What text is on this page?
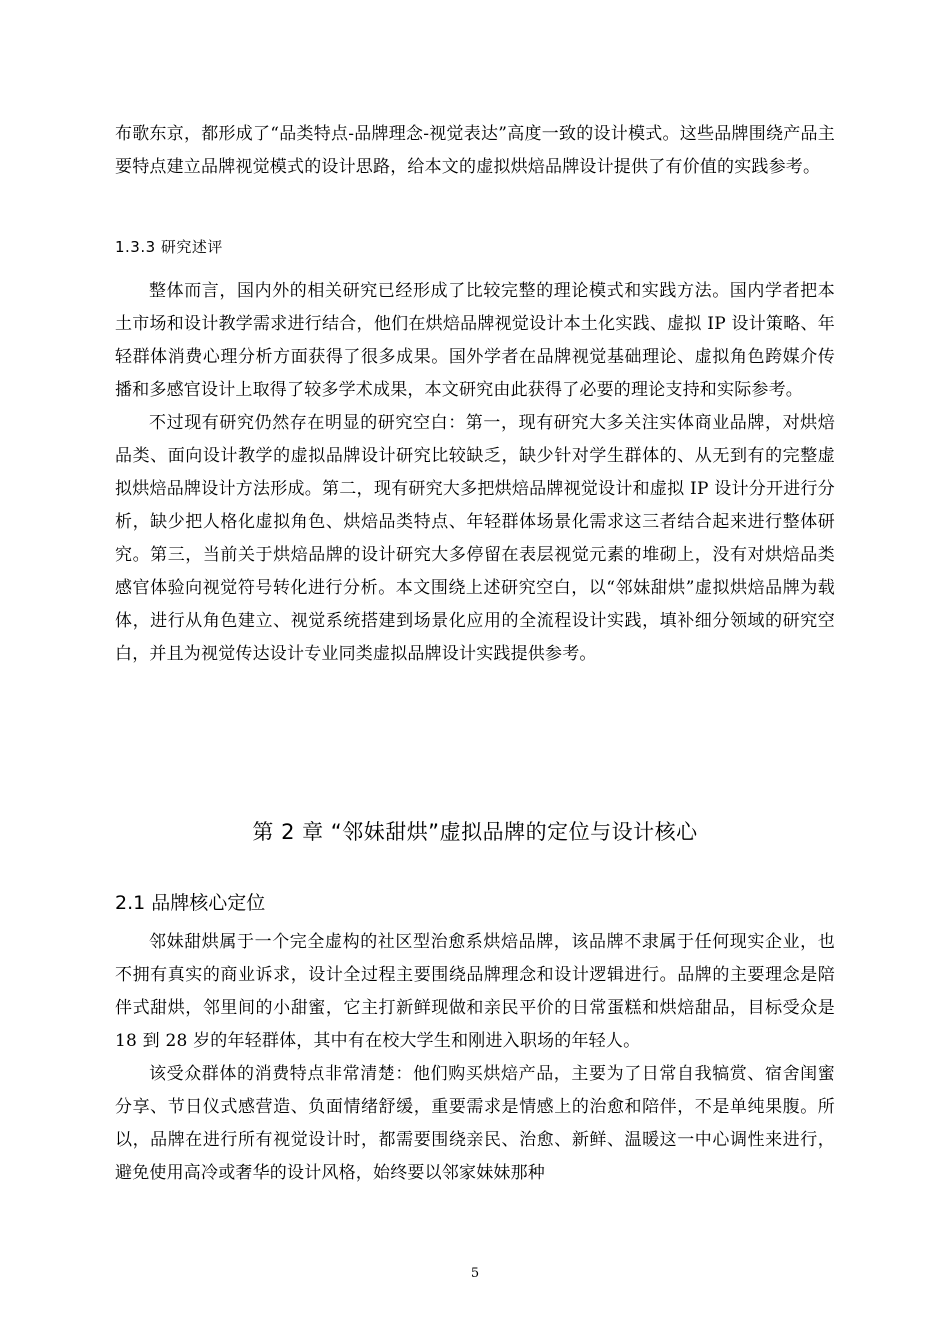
布歌东京，都形成了“品类特点-品牌理念-视觉表达”高度一致的设计模式。这些品牌围绕产品主要特点建立品牌视觉模式的设计思路，给本文的虚拟烘焙品牌设计提供了有价值的实践参考。

1.3.3 研究述评

整体而言，国内外的相关研究已经形成了比较完整的理论模式和实践方法。国内学者把本土市场和设计教学需求进行结合，他们在烘焙品牌视觉设计本土化实践、虚拟 IP 设计策略、年轻群体消费心理分析方面获得了很多成果。国外学者在品牌视觉基础理论、虚拟角色跨媒介传播和多感官设计上取得了较多学术成果，本文研究由此获得了必要的理论支持和实际参考。

不过现有研究仍然存在明显的研究空白：第一，现有研究大多关注实体商业品牌，对烘焙品类、面向设计教学的虚拟品牌设计研究比较缺乏，缺少针对学生群体的、从无到有的完整虚拟烘焙品牌设计方法形成。第二，现有研究大多把烘焙品牌视觉设计和虚拟 IP 设计分开进行分析，缺少把人格化虚拟角色、烘焙品类特点、年轻群体场景化需求这三者结合起来进行整体研究。第三，当前关于烘焙品牌的设计研究大多停留在表层视觉元素的堆砌上，没有对烘焙品类感官体验向视觉符号转化进行分析。本文围绕上述研究空白，以“邻妹甜烘”虚拟烘焙品牌为载体，进行从角色建立、视觉系统搭建到场景化应用的全流程设计实践，填补细分领域的研究空白，并且为视觉传达设计专业同类虚拟品牌设计实践提供参考。

第 2 章 “邻妹甜烘”虚拟品牌的定位与设计核心
2.1 品牌核心定位

邻妹甜烘属于一个完全虚构的社区型治愈系烘焙品牌，该品牌不隶属于任何现实企业，也不拥有真实的商业诉求，设计全过程主要围绕品牌理念和设计逻辑进行。品牌的主要理念是陪伴式甜烘，邻里间的小甜蜜，它主打新鲜现做和亲民平价的日常蛋糕和烘焙甜品，目标受众是 18 到 28 岁的年轻群体，其中有在校大学生和刚进入职场的年轻人。

该受众群体的消费特点非常清楚：他们购买烘焙产品，主要为了日常自我犒赏、宿舍闺蜜分享、节日仪式感营造、负面情绪舒缓，重要需求是情感上的治愈和陪伴，不是单纯果腹。所以，品牌在进行所有视觉设计时，都需要围绕亲民、治愈、新鲜、温暖这一中心调性来进行，避免使用高冷或奢华的设计风格，始终要以邻家妹妹那种

5
